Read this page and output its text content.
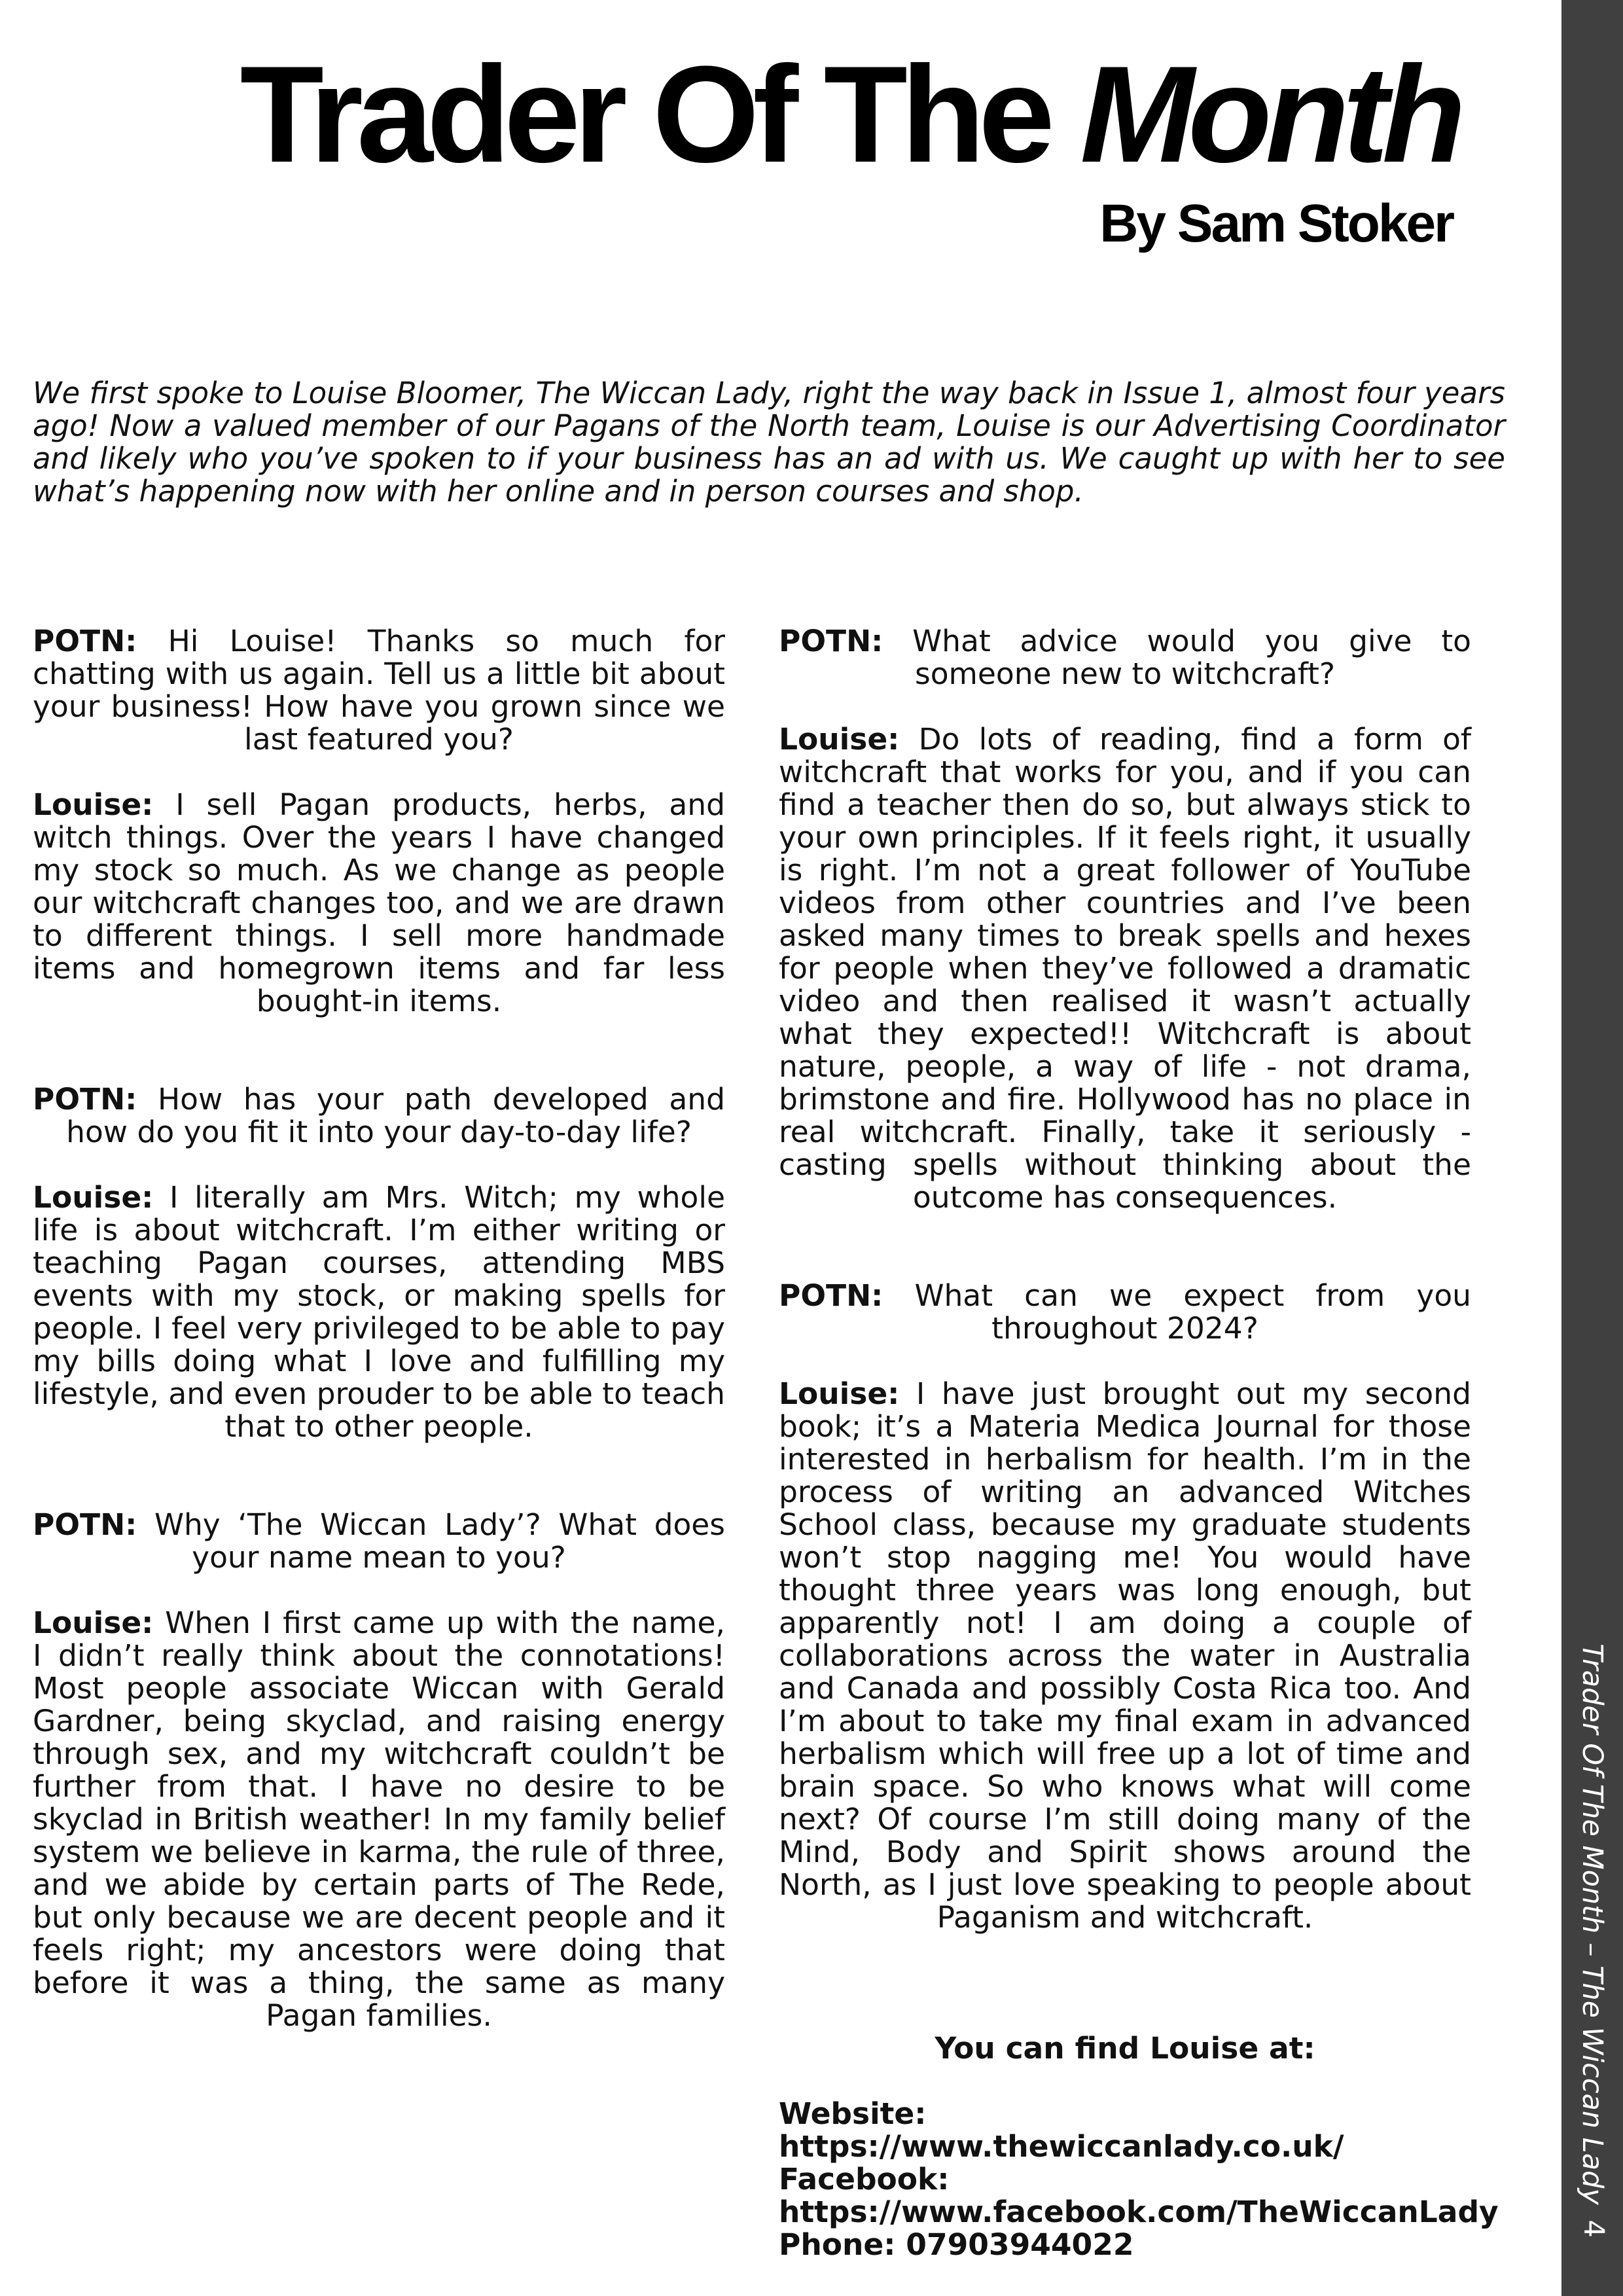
Trader Of The Month – The Wiccan Lady
4
Trader Of The Month
By Sam Stoker

We first spoke to Louise Bloomer, The Wiccan Lady, right the way back in Issue 1, almost four years ago! Now a valued member of our Pagans of the North team, Louise is our Advertising Coordinator and likely who you’ve spoken to if your business has an ad with us. We caught up with her to see what’s happening now with her online and in person courses and shop.

POTN: Hi Louise! Thanks so much for chatting with us again. Tell us a little bit about your business! How have you grown since we last featured you?

Louise: I sell Pagan products, herbs, and witch things. Over the years I have changed my stock so much. As we change as people our witchcraft changes too, and we are drawn to different things. I sell more handmade items and homegrown items and far less bought-in items.

POTN: How has your path developed and how do you fit it into your day-to-day life?

Louise: I literally am Mrs. Witch; my whole life is about witchcraft. I’m either writing or teaching Pagan courses, attending MBS events with my stock, or making spells for people. I feel very privileged to be able to pay my bills doing what I love and fulfilling my lifestyle, and even prouder to be able to teach that to other people.

POTN: Why ‘The Wiccan Lady’? What does your name mean to you?

Louise: When I first came up with the name, I didn’t really think about the connotations! Most people associate Wiccan with Gerald Gardner, being skyclad, and raising energy through sex, and my witchcraft couldn’t be further from that. I have no desire to be skyclad in British weather! In my family belief system we believe in karma, the rule of three, and we abide by certain parts of The Rede, but only because we are decent people and it feels right; my ancestors were doing that before it was a thing, the same as many Pagan families.

POTN: What advice would you give to someone new to witchcraft?

Louise: Do lots of reading, find a form of witchcraft that works for you, and if you can find a teacher then do so, but always stick to your own principles. If it feels right, it usually is right. I’m not a great follower of YouTube videos from other countries and I’ve been asked many times to break spells and hexes for people when they’ve followed a dramatic video and then realised it wasn’t actually what they expected!! Witchcraft is about nature, people, a way of life - not drama, brimstone and fire. Hollywood has no place in real witchcraft. Finally, take it seriously - casting spells without thinking about the outcome has consequences.

POTN: What can we expect from you throughout 2024?

Louise: I have just brought out my second book; it’s a Materia Medica Journal for those interested in herbalism for health. I’m in the process of writing an advanced Witches School class, because my graduate students won’t stop nagging me! You would have thought three years was long enough, but apparently not! I am doing a couple of collaborations across the water in Australia and Canada and possibly Costa Rica too. And I’m about to take my final exam in advanced herbalism which will free up a lot of time and brain space. So who knows what will come next? Of course I’m still doing many of the Mind, Body and Spirit shows around the North, as I just love speaking to people about Paganism and witchcraft.

You can find Louise at:

Website: https://www.thewiccanlady.co.uk/

Facebook:

https://www.facebook.com/TheWiccanLady

Phone: 07903944022
